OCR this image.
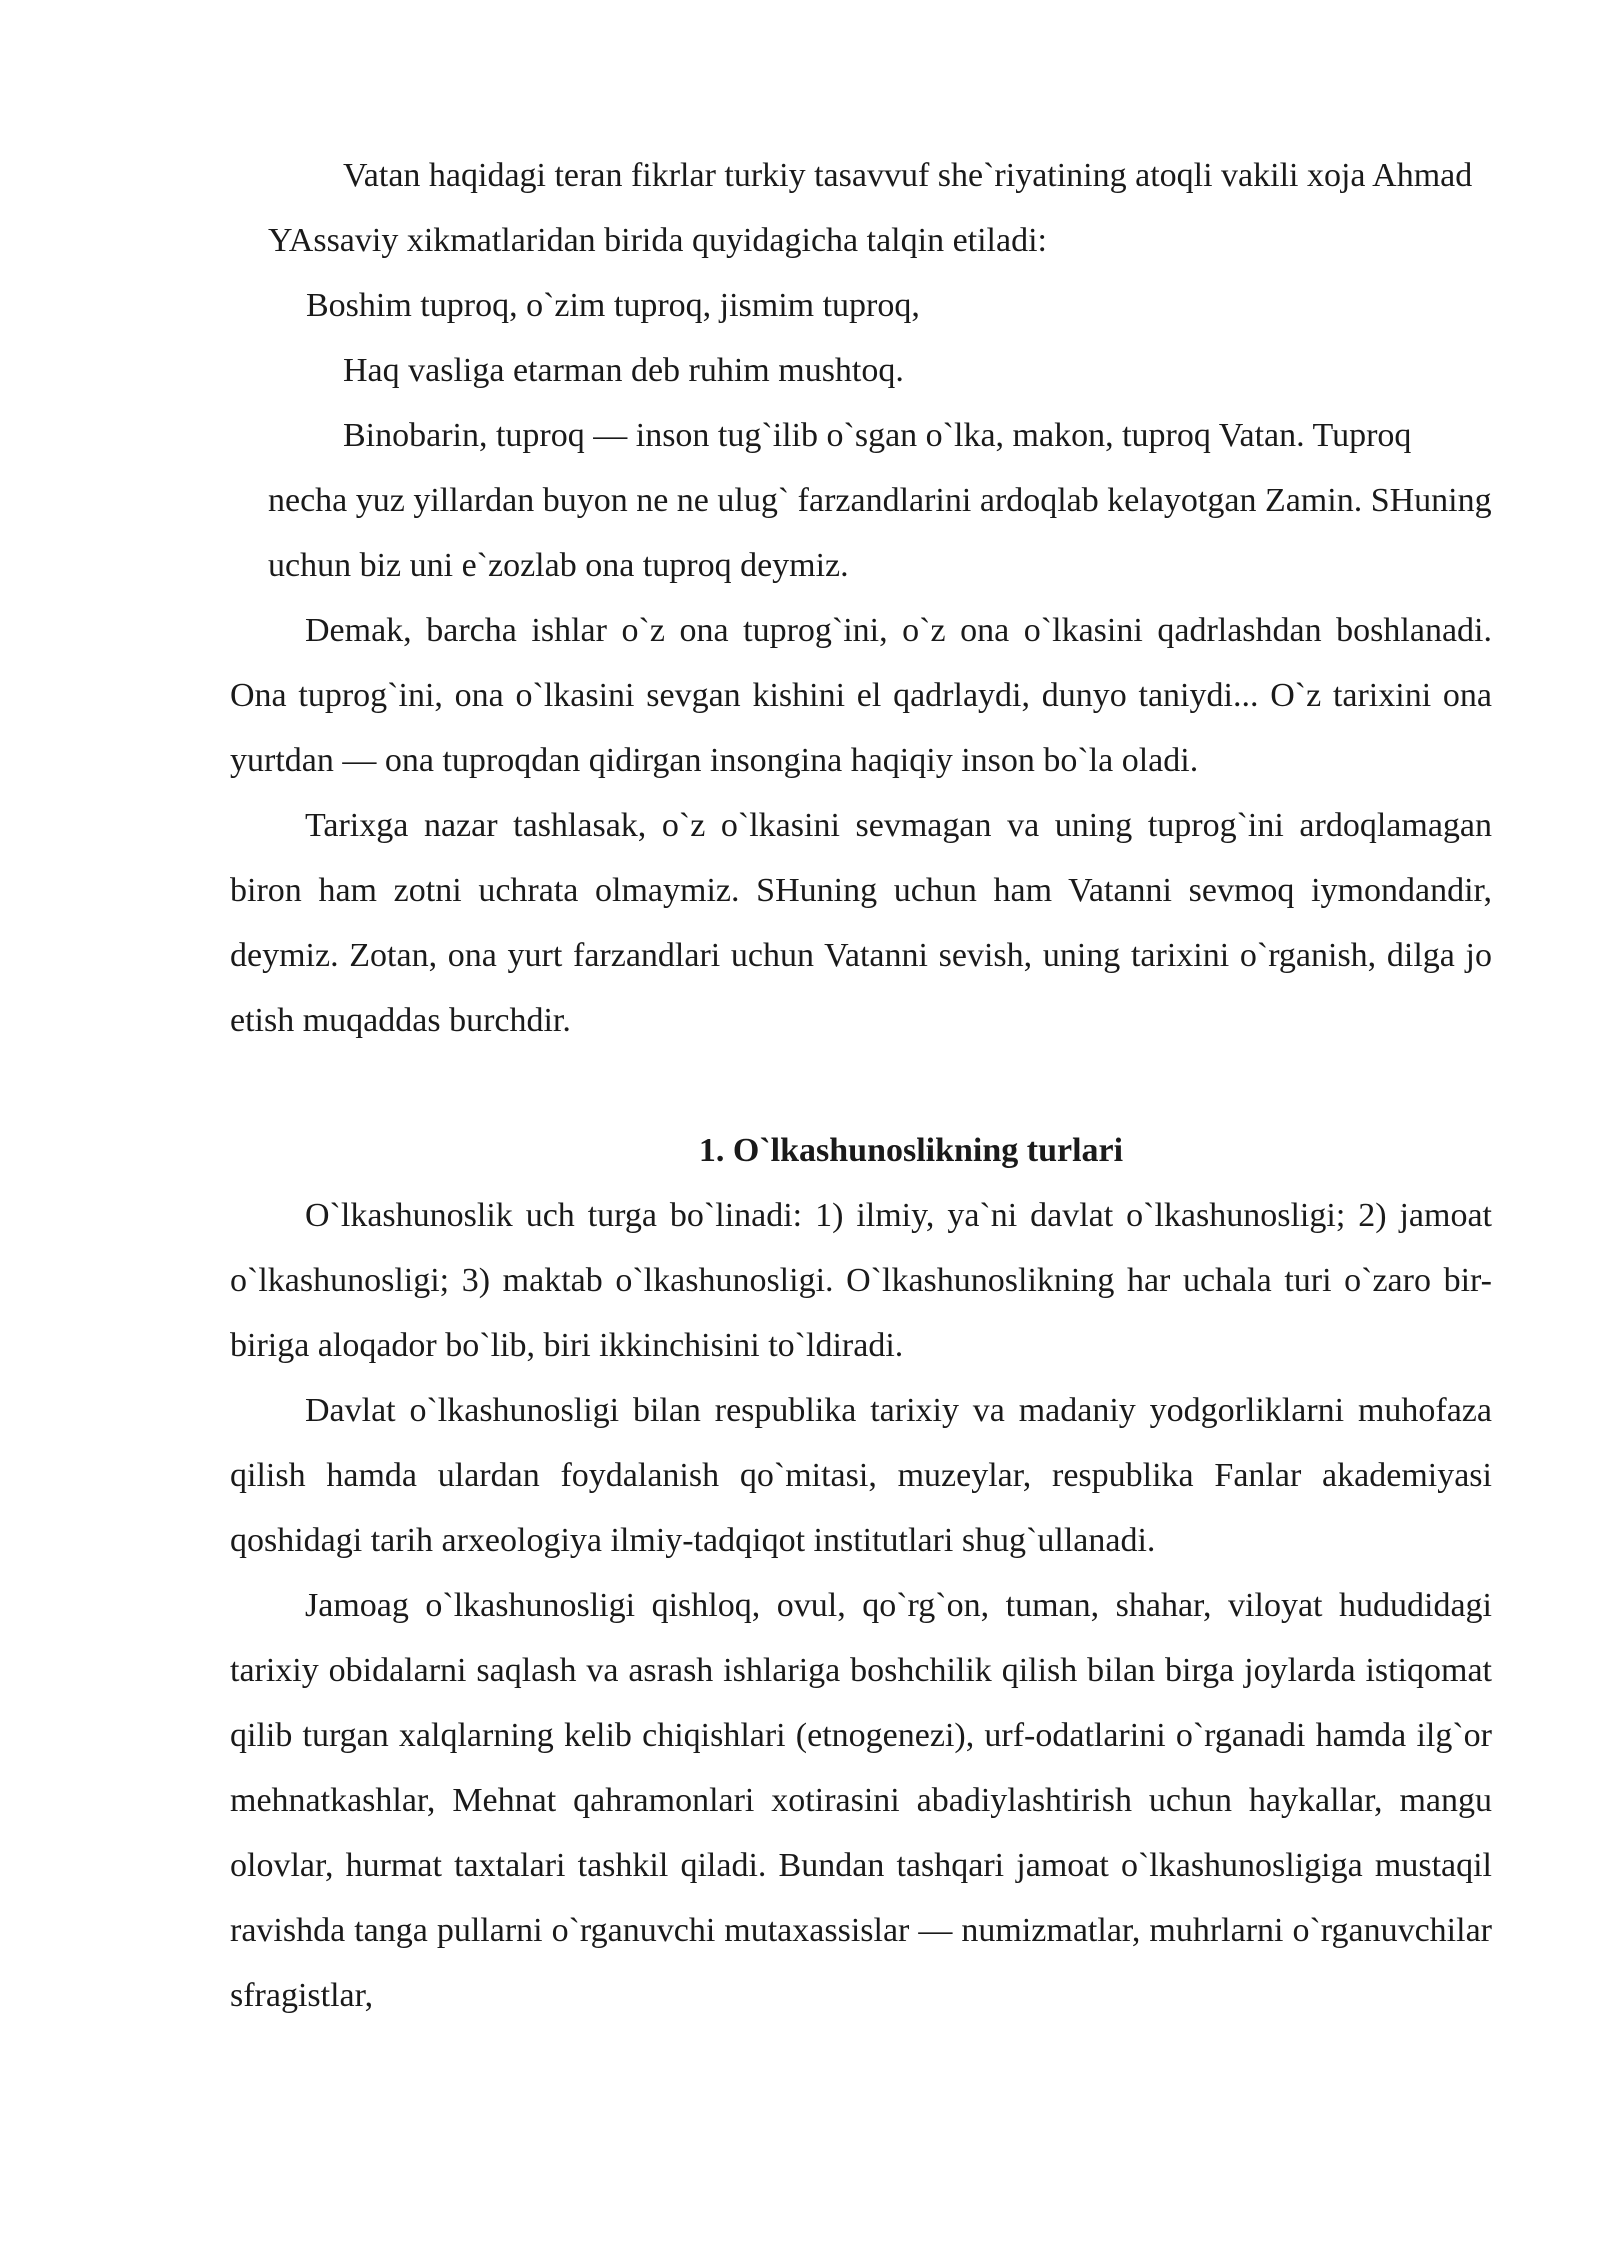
Vatan haqidagi teran fikrlar turkiy tasavvuf she`riyatining atoqli vakili xoja Ahmad YAssaviy xikmatlaridan birida quyidagicha talqin etiladi:

Boshim tuproq, o`zim tuproq, jismim tuproq,

Haq vasliga etarman deb ruhim mushtoq.

Binobarin, tuproq — inson tug`ilib o`sgan o`lka, makon, tuproq Vatan. Tuproq necha yuz yillardan buyon ne ne ulug` farzandlarini ardoqlab kelayotgan Zamin. SHuning uchun biz uni e`zozlab ona tuproq deymiz.

Demak, barcha ishlar o`z ona tuprog`ini, o`z ona o`lkasini qadrlashdan boshlanadi. Ona tuprog`ini, ona o`lkasini sevgan kishini el qadrlaydi, dunyo taniydi... O`z tarixini ona yurtdan — ona tuproqdan qidirgan insongina haqiqiy inson bo`la oladi.

Tarixga nazar tashlasak, o`z o`lkasini sevmagan va uning tuprog`ini ardoqlamagan biron ham zotni uchrata olmaymiz. SHuning uchun ham Vatanni sevmoq iymondandir, deymiz. Zotan, ona yurt farzandlari uchun Vatanni sevish, uning tarixini o`rganish, dilga jo etish muqaddas burchdir.

1. O`lkashunoslikning turlari

O`lkashunoslik uch turga bo`linadi: 1) ilmiy, ya`ni davlat o`lkashunosligi; 2) jamoat o`lkashunosligi; 3) maktab o`lkashunosligi. O`lkashunoslikning har uchala turi o`zaro bir-biriga aloqador bo`lib, biri ikkinchisini to`ldiradi.

Davlat o`lkashunosligi bilan respublika tarixiy va madaniy yodgorliklarni muhofaza qilish hamda ulardan foydalanish qo`mitasi, muzeylar, respublika Fanlar akademiyasi qoshidagi tarih arxeologiya ilmiy-tadqiqot institutlari shug`ullanadi.

Jamoag o`lkashunosligi qishloq, ovul, qo`rg`on, tuman, shahar, viloyat hududidagi tarixiy obidalarni saqlash va asrash ishlariga boshchilik qilish bilan birga joylarda istiqomat qilib turgan xalqlarning kelib chiqishlari (etnogenezi), urf-odatlarini o`rganadi hamda ilg`or mehnatkashlar, Mehnat qahramonlari xotirasini abadiylashtirish uchun haykallar, mangu olovlar, hurmat taxtalari tashkil qiladi. Bundan tashqari jamoat o`lkashunosligiga mustaqil ravishda tanga pullarni o`rganuvchi mutaxassislar — numizmatlar, muhrlarni o`rganuvchilar sfragistlar,
